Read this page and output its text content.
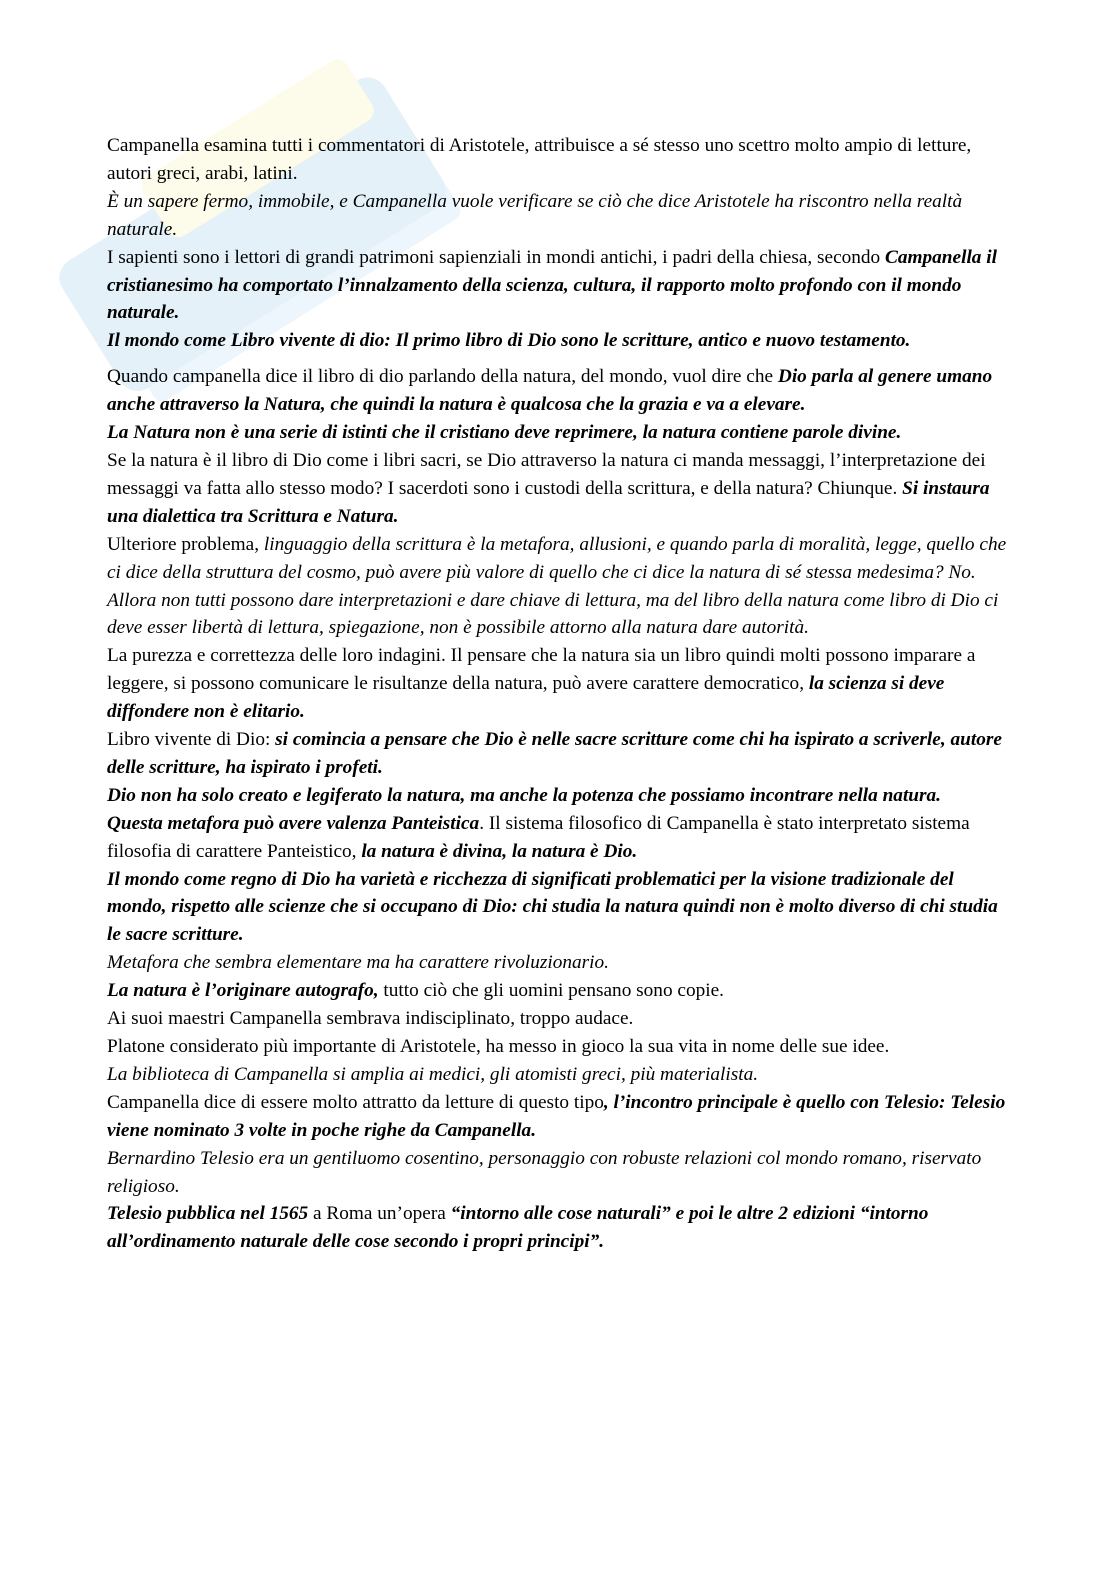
Campanella esamina tutti i commentatori di Aristotele, attribuisce a sé stesso uno scettro molto ampio di letture, autori greci, arabi, latini.

È un sapere fermo, immobile, e Campanella vuole verificare se ciò che dice Aristotele ha riscontro nella realtà naturale.

I sapienti sono i lettori di grandi patrimoni sapienziali in mondi antichi, i padri della chiesa, secondo Campanella il cristianesimo ha comportato l’innalzamento della scienza, cultura, il rapporto molto profondo con il mondo naturale.

Il mondo come Libro vivente di dio: Il primo libro di Dio sono le scritture, antico e nuovo testamento.

Quando campanella dice il libro di dio parlando della natura, del mondo, vuol dire che Dio parla al genere umano anche attraverso la Natura, che quindi la natura è qualcosa che la grazia e va a elevare.

La Natura non è una serie di istinti che il cristiano deve reprimere, la natura contiene parole divine.

Se la natura è il libro di Dio come i libri sacri, se Dio attraverso la natura ci manda messaggi, l’interpretazione dei messaggi va fatta allo stesso modo? I sacerdoti sono i custodi della scrittura, e della natura? Chiunque. Si instaura una dialettica tra Scrittura e Natura.

Ulteriore problema, linguaggio della scrittura è la metafora, allusioni, e quando parla di moralità, legge, quello che ci dice della struttura del cosmo, può avere più valore di quello che ci dice la natura di sé stessa medesima? No.

Allora non tutti possono dare interpretazioni e dare chiave di lettura, ma del libro della natura come libro di Dio ci deve esser libertà di lettura, spiegazione, non è possibile attorno alla natura dare autorità.

La purezza e correttezza delle loro indagini. Il pensare che la natura sia un libro quindi molti possono imparare a leggere, si possono comunicare le risultanze della natura, può avere carattere democratico, la scienza si deve diffondere non è elitario.

Libro vivente di Dio: si comincia a pensare che Dio è nelle sacre scritture come chi ha ispirato a scriverle, autore delle scritture, ha ispirato i profeti.

Dio non ha solo creato e legiferato la natura, ma anche la potenza che possiamo incontrare nella natura.

Questa metafora può avere valenza Panteistica. Il sistema filosofico di Campanella è stato interpretato sistema filosofia di carattere Panteistico, la natura è divina, la natura è Dio.

Il mondo come regno di Dio ha varietà e ricchezza di significati problematici per la visione tradizionale del mondo, rispetto alle scienze che si occupano di Dio: chi studia la natura quindi non è molto diverso di chi studia le sacre scritture.

Metafora che sembra elementare ma ha carattere rivoluzionario.

La natura è l’originare autografo, tutto ciò che gli uomini pensano sono copie.

Ai suoi maestri Campanella sembrava indisciplinato, troppo audace.

Platone considerato più importante di Aristotele, ha messo in gioco la sua vita in nome delle sue idee.

La biblioteca di Campanella si amplia ai medici, gli atomisti greci, più materialista.

Campanella dice di essere molto attratto da letture di questo tipo, l’incontro principale è quello con Telesio: Telesio viene nominato 3 volte in poche righe da Campanella.

Bernardino Telesio era un gentiluomo cosentino, personaggio con robuste relazioni col mondo romano, riservato religioso.

Telesio pubblica nel 1565 a Roma un’opera “intorno alle cose naturali” e poi le altre 2 edizioni “intorno all’ordinamento naturale delle cose secondo i propri principi”.
